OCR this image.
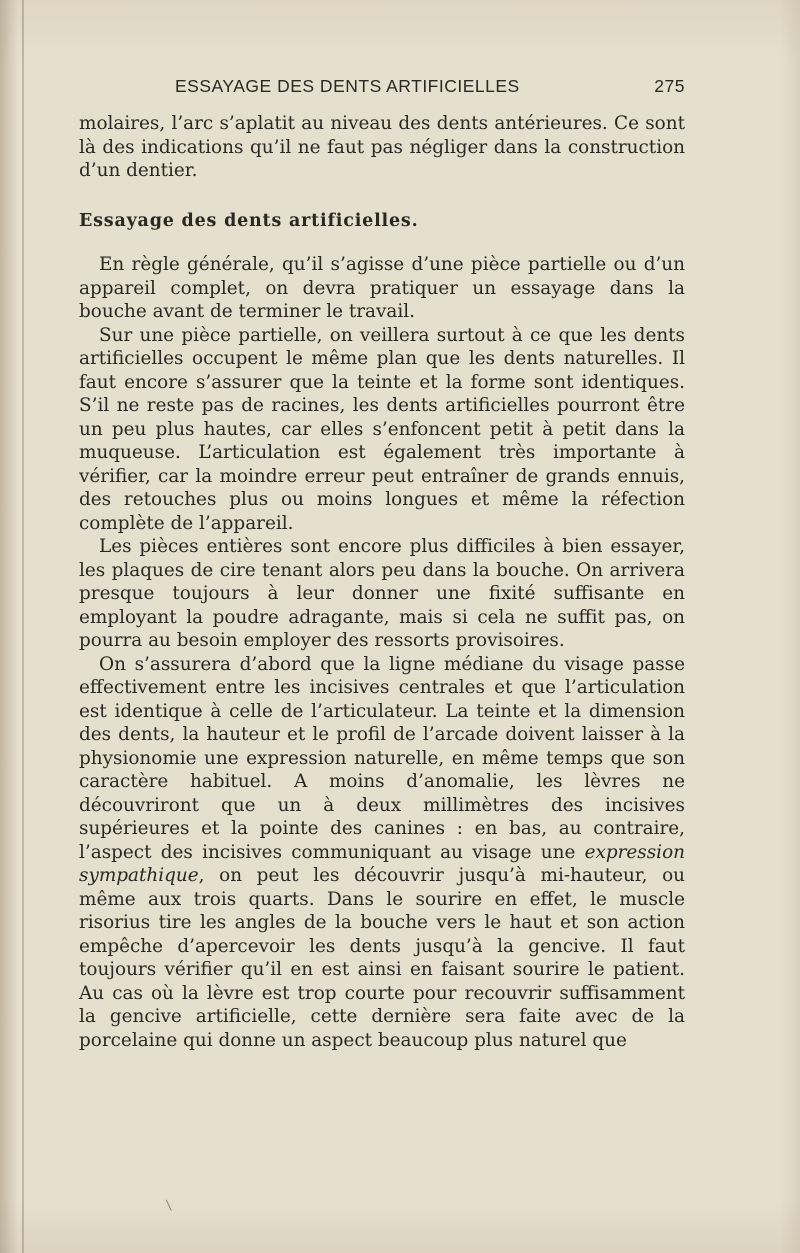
ESSAYAGE DES DENTS ARTIFICIELLES	275

molaires, l’arc s’aplatit au niveau des dents antérieures. Ce sont là des indications qu’il ne faut pas négliger dans la construction d’un dentier.

Essayage des dents artificielles.

En règle générale, qu’il s’agisse d’une pièce partielle ou d’un appareil complet, on devra pratiquer un essayage dans la bouche avant de terminer le travail.

Sur une pièce partielle, on veillera surtout à ce que les dents artificielles occupent le même plan que les dents naturelles. Il faut encore s’assurer que la teinte et la forme sont identiques. S’il ne reste pas de racines, les dents artificielles pourront être un peu plus hautes, car elles s’enfoncent petit à petit dans la muqueuse. L’articulation est également très importante à vérifier, car la moindre erreur peut entraîner de grands ennuis, des retouches plus ou moins longues et même la réfection complète de l’appareil.

Les pièces entières sont encore plus difficiles à bien essayer, les plaques de cire tenant alors peu dans la bouche. On arrivera presque toujours à leur donner une fixité suffisante en employant la poudre adragante, mais si cela ne suffit pas, on pourra au besoin employer des ressorts provisoires.

On s’assurera d’abord que la ligne médiane du visage passe effectivement entre les incisives centrales et que l’articulation est identique à celle de l’articulateur. La teinte et la dimension des dents, la hauteur et le profil de l’arcade doivent laisser à la physionomie une expression naturelle, en même temps que son caractère habituel. A moins d’anomalie, les lèvres ne découvriront que un à deux millimètres des incisives supérieures et la pointe des canines : en bas, au contraire, l’aspect des incisives communiquant au visage une expression sympathique, on peut les découvrir jusqu’à mi-hauteur, ou même aux trois quarts. Dans le sourire en effet, le muscle risorius tire les angles de la bouche vers le haut et son action empêche d’apercevoir les dents jusqu’à la gencive. Il faut toujours vérifier qu’il en est ainsi en faisant sourire le patient. Au cas où la lèvre est trop courte pour recouvrir suffisamment la gencive artificielle, cette dernière sera faite avec de la porcelaine qui donne un aspect beaucoup plus naturel que
